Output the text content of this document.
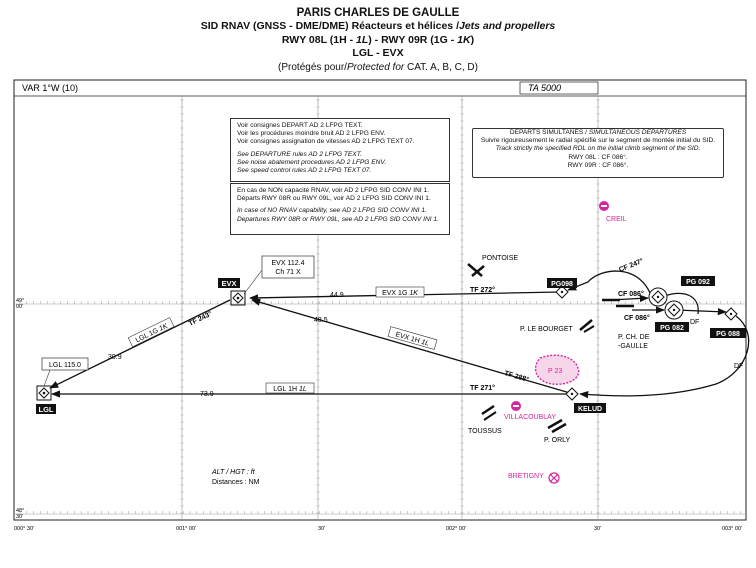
PARIS CHARLES DE GAULLE
SID RNAV (GNSS - DME/DME) Réacteurs et hélices /Jets and propellers
RWY 08L (1H - 1L) - RWY 09R (1G - 1K)
LGL - EVX
(Protégés pour/Protected for CAT. A, B, C, D)
VAR 1°W (10)	TA 5000
49°
00'
48°
30'
000° 30'	001° 00'	30'	002° 00'	30'	003° 00'
EVX
LGL
PG098	PG 092
PG 082
PG 088
KELUD
EVX 112.4
Ch 71 X
LGL 115.0
EVX 1G 1K
EVX 1H 1L
LGL 1G 1K
LGL 1H 1L
TF 272°
TF 288°
TF 271°
TF 243°
CF 247°
CF 086°
CF 086°
DF
DF
44.9
48.5
30.9
73.9
P 23
CREIL
VILLACOUBLAY
BRETIGNY
PONTOISE
P. LE BOURGET
P. CH. DE
-GAULLE
TOUSSUS
P. ORLY
ALT / HGT : ft
Distances : NM
Voir consignes DEPART AD 2 LFPG TEXT.
Voir les procédures moindre bruit AD 2 LFPG ENV.
Voir consignes assignation de vitesses AD 2 LFPG TEXT 07.
See DEPARTURE rules AD 2 LFPG TEXT.
See noise abatement procedures AD 2 LFPG ENV.
See speed control rules AD 2 LFPG TEXT 07.
En cas de NON capacité RNAV, voir AD 2 LFPG SID CONV INI 1.
Départs RWY 08R ou RWY 09L, voir AD 2 LFPG SID CONV INI 1.
In case of NO RNAV capability, see AD 2 LFPG SID CONV INI 1.
Departures RWY 08R or RWY 09L, see AD 2 LFPG SID CONV INI 1.
DEPARTS SIMULTANES / SIMULTANEOUS DEPARTURES
Suivre rigoureusement le radial spécifié sur le segment de montée initial du SID.
Track strictly the specified RDL on the initial climb segment of the SID.
RWY 08L : CF 086°.
RWY 09R : CF 086°.
